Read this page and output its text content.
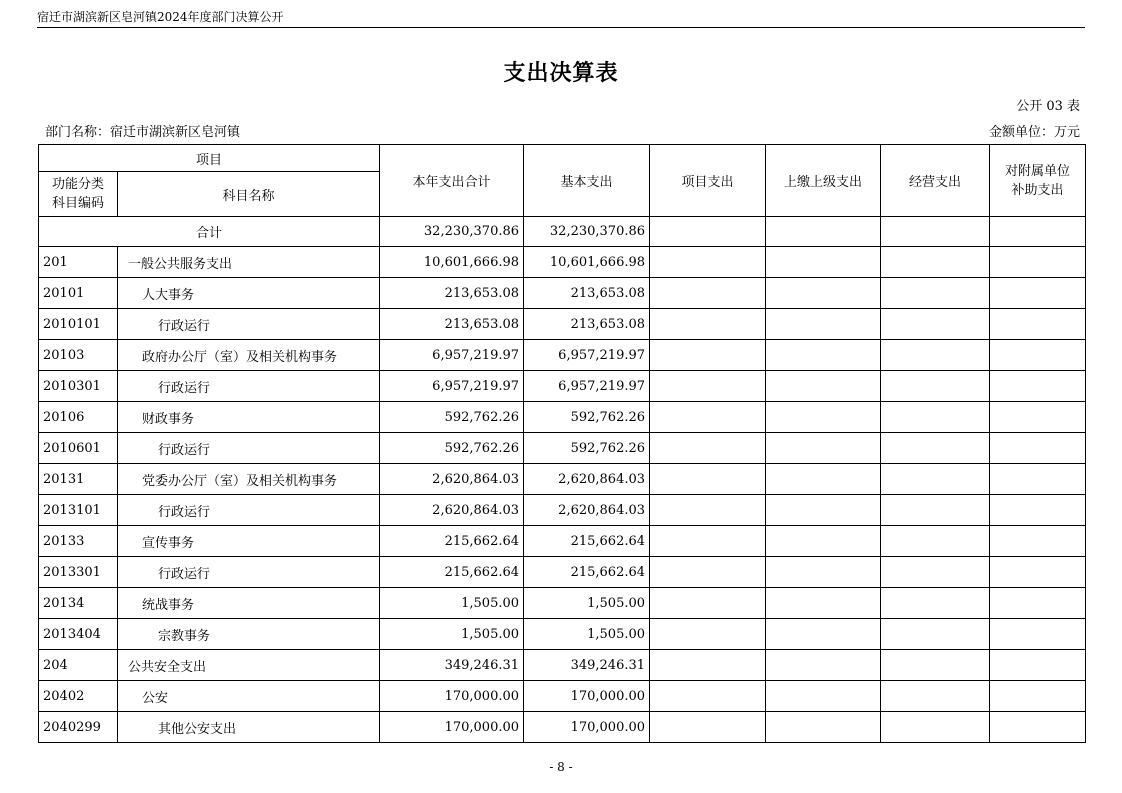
宿迁市湖滨新区皂河镇2024年度部门决算公开
支出决算表
公开 03 表
部门名称：宿迁市湖滨新区皂河镇	金额单位：万元
项目		本年支出合计	基本支出	项目支出	上缴上级支出	经营支出	对附属单位补助支出
功能分类科目编码	科目名称						
合计		32,230,370.86	32,230,370.86				
201	一般公共服务支出	10,601,666.98	10,601,666.98				
20101	人大事务	213,653.08	213,653.08				
2010101	行政运行	213,653.08	213,653.08				
20103	政府办公厅（室）及相关机构事务	6,957,219.97	6,957,219.97				
2010301	行政运行	6,957,219.97	6,957,219.97				
20106	财政事务	592,762.26	592,762.26				
2010601	行政运行	592,762.26	592,762.26				
20131	党委办公厅（室）及相关机构事务	2,620,864.03	2,620,864.03				
2013101	行政运行	2,620,864.03	2,620,864.03				
20133	宣传事务	215,662.64	215,662.64				
2013301	行政运行	215,662.64	215,662.64				
20134	统战事务	1,505.00	1,505.00				
2013404	宗教事务	1,505.00	1,505.00				
204	公共安全支出	349,246.31	349,246.31				
20402	公安	170,000.00	170,000.00				
2040299	其他公安支出	170,000.00	170,000.00				
- 8 -
